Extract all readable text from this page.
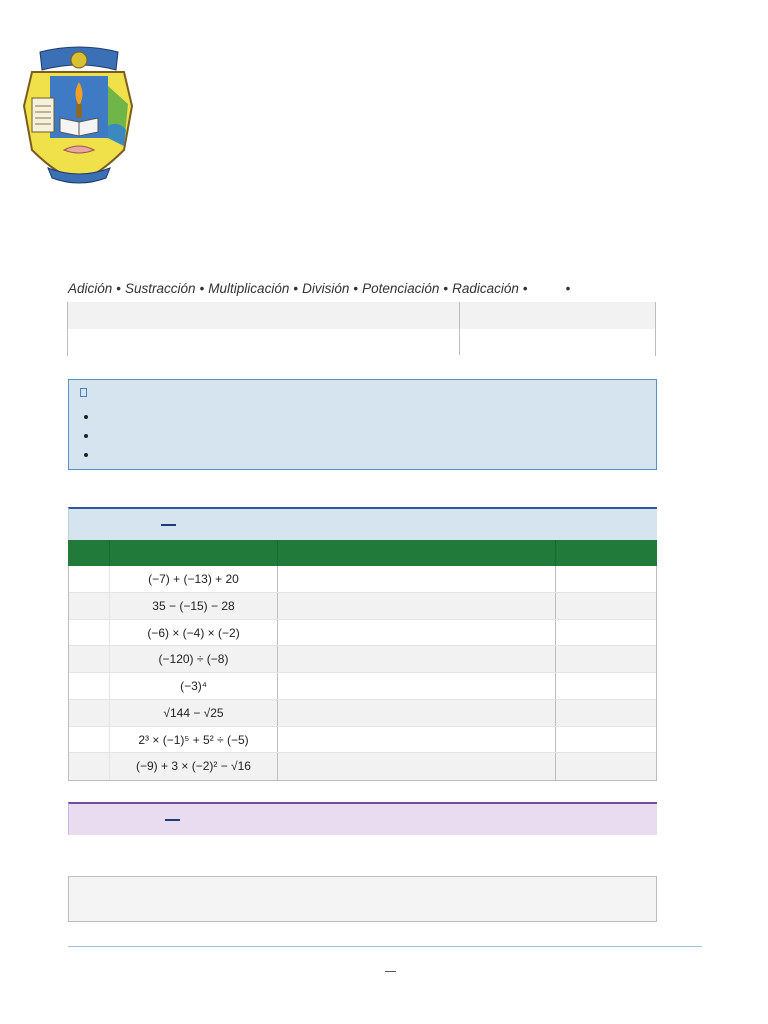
Adición • Sustracción • Multiplicación • División • Potenciación • Radicación •	•
(−7) + (−13) + 20
35 − (−15) − 28
(−6) × (−4) × (−2)
(−120) ÷ (−8)
(−3)⁴
√144 − √25
2³ × (−1)⁵ + 5² ÷ (−5)
(−9) + 3 × (−2)² − √16
